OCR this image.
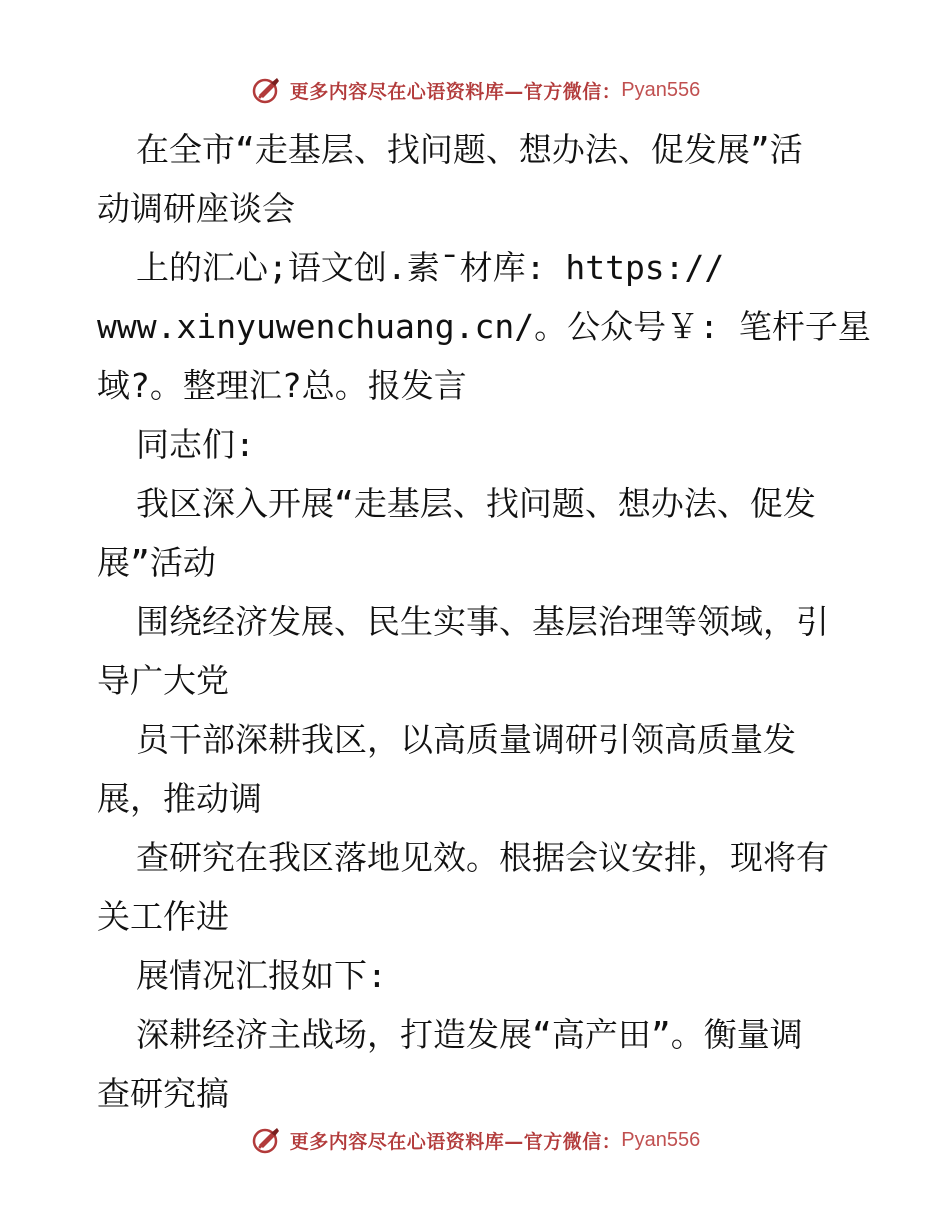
更多内容尽在心语资料库—官方微信： Pyan556
在全市“走基层、找问题、想办法、促发展”活
动调研座谈会
上的汇心;语文创.素¯材库: https://
www.xinyuwenchuang.cn/。公众号￥: 笔杆子星
域?。整理汇?总。报发言
同志们:
我区深入开展“走基层、找问题、想办法、促发
展”活动
围绕经济发展、民生实事、基层治理等领域，引
导广大党
员干部深耕我区，以高质量调研引领高质量发
展，推动调
查研究在我区落地见效。根据会议安排，现将有
关工作进
展情况汇报如下:
深耕经济主战场，打造发展“高产田”。衡量调
查研究搞
更多内容尽在心语资料库—官方微信： Pyan556
